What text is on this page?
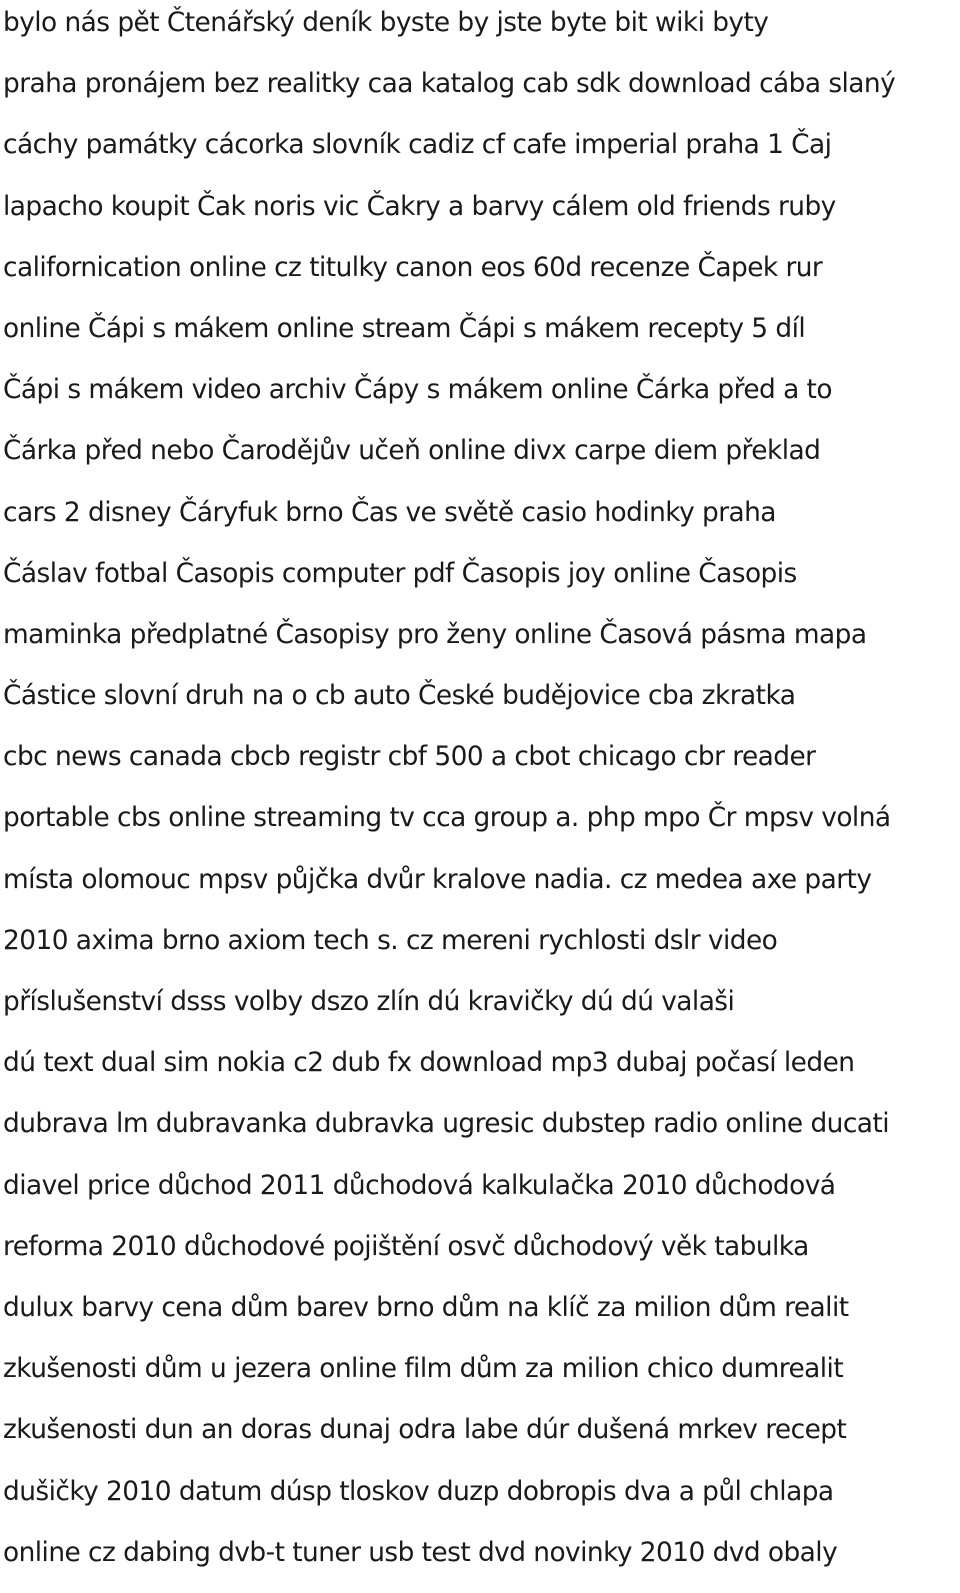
bylo nás pět Čtenářský deník byste by jste byte bit wiki byty
praha pronájem bez realitky caa katalog cab sdk download cába slaný
cáchy památky cácorka slovník cadiz cf cafe imperial praha 1 Čaj
lapacho koupit Čak noris vic Čakry a barvy cálem old friends ruby
californication online cz titulky canon eos 60d recenze Čapek rur
online Čápi s mákem online stream Čápi s mákem recepty 5 díl
Čápi s mákem video archiv Čápy s mákem online Čárka před a to
Čárka před nebo Čarodějův učeň online divx carpe diem překlad
cars 2 disney Čáryfuk brno Čas ve světě casio hodinky praha
Čáslav fotbal Časopis computer pdf Časopis joy online Časopis
maminka předplatné Časopisy pro ženy online Časová pásma mapa
Částice slovní druh na o cb auto České budějovice cba zkratka
cbc news canada cbcb registr cbf 500 a cbot chicago cbr reader
portable cbs online streaming tv cca group a. php mpo Čr mpsv volná
místa olomouc mpsv půjčka dvůr kralove nadia. cz medea axe party
2010 axima brno axiom tech s. cz mereni rychlosti dslr video
příslušenství dsss volby dszo zlín dú kravičky dú dú valaši
dú text dual sim nokia c2 dub fx download mp3 dubaj počasí leden
dubrava lm dubravanka dubravka ugresic dubstep radio online ducati
diavel price důchod 2011 důchodová kalkulačka 2010 důchodová
reforma 2010 důchodové pojištění osvč důchodový věk tabulka
dulux barvy cena dům barev brno dům na klíč za milion dům realit
zkušenosti dům u jezera online film dům za milion chico dumrealit
zkušenosti dun an doras dunaj odra labe dúr dušená mrkev recept
dušičky 2010 datum dúsp tloskov duzp dobropis dva a půl chlapa
online cz dabing dvb-t tuner usb test dvd novinky 2010 dvd obaly
